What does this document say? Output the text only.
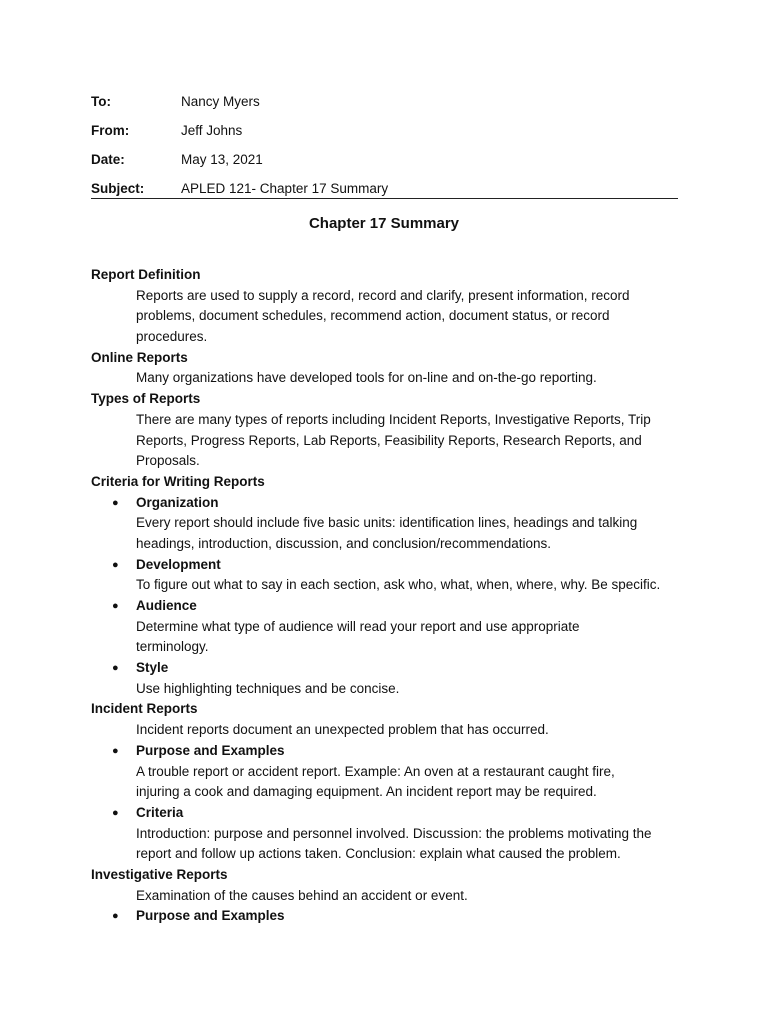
To:	Nancy Myers
From:	Jeff Johns
Date:	May 13, 2021
Subject:	APLED 121- Chapter 17 Summary
Chapter 17 Summary
Report Definition
Reports are used to supply a record, record and clarify, present information, record
problems, document schedules, recommend action, document status, or record
procedures.
Online Reports
Many organizations have developed tools for on-line and on-the-go reporting.
Types of Reports
There are many types of reports including Incident Reports, Investigative Reports, Trip
Reports, Progress Reports, Lab Reports, Feasibility Reports, Research Reports, and
Proposals.
Criteria for Writing Reports
● Organization
Every report should include five basic units: identification lines, headings and talking
headings, introduction, discussion, and conclusion/recommendations.
● Development
To figure out what to say in each section, ask who, what, when, where, why. Be specific.
● Audience
Determine what type of audience will read your report and use appropriate
terminology.
● Style
Use highlighting techniques and be concise.
Incident Reports
Incident reports document an unexpected problem that has occurred.
● Purpose and Examples
A trouble report or accident report. Example: An oven at a restaurant caught fire,
injuring a cook and damaging equipment. An incident report may be required.
● Criteria
Introduction: purpose and personnel involved. Discussion: the problems motivating the
report and follow up actions taken. Conclusion: explain what caused the problem.
Investigative Reports
Examination of the causes behind an accident or event.
● Purpose and Examples
